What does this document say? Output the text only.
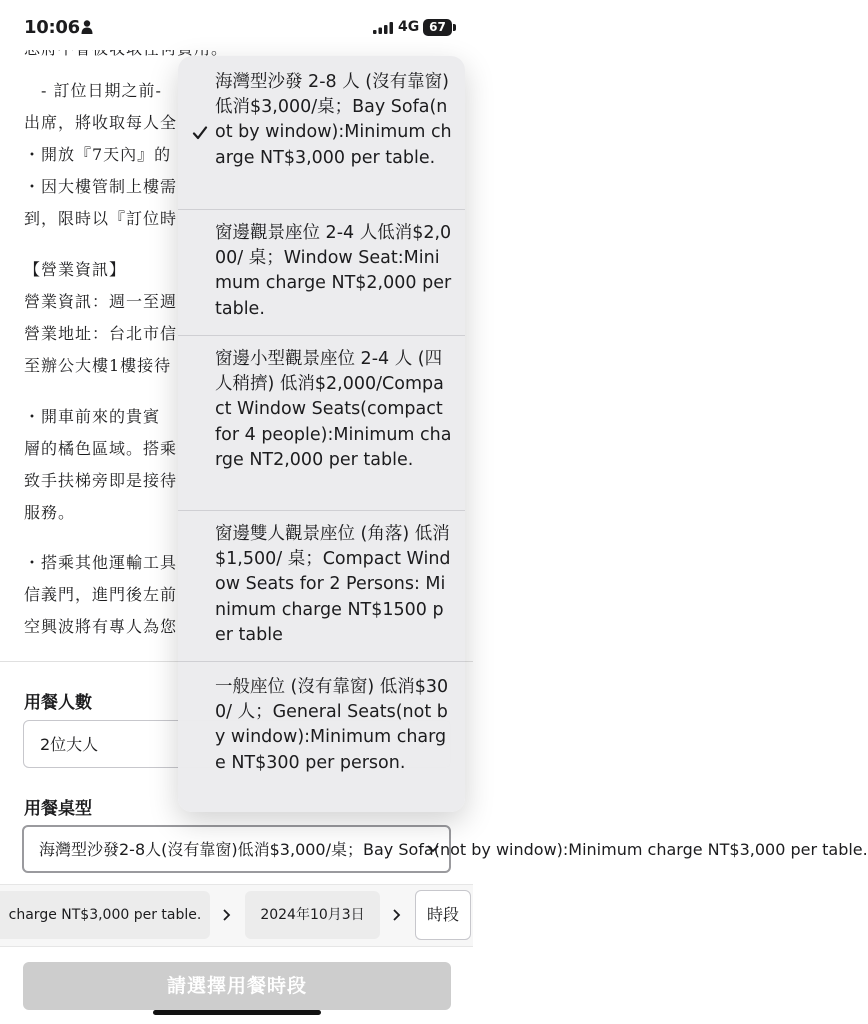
10:06	4G 67
　- 訂位日期之前-
出席，將收取每人全
・開放『7天內』的
・因大樓管制上樓需
到，限時以『訂位時
【營業資訊】
營業資訊：週一至週
營業地址：台北市信
至辦公大樓1樓接待
・開車前來的貴賓
層的橘色區域。搭乘
致手扶梯旁即是接待
服務。
・搭乘其他運輸工具
信義門，進門後左前
空興波將有專人為您
用餐人數
2位大人
用餐桌型
海灣型沙發2-8人(沒有靠窗)低消$3,000/桌；Bay Sofa(not by window):Minimum charge NT$3,000 per table.
charge NT$3,000 per table.	2024年10月3日	時段
請選擇用餐時段
海灣型沙發 2-8 人 (沒有靠窗) 低消$3,000/桌；Bay Sofa(not by window):Minimum charge NT$3,000 per table.
窗邊觀景座位 2-4 人低消$2,000/ 桌；Window Seat:Minimum charge NT$2,000 per table.
窗邊小型觀景座位 2-4 人 (四人稍擠) 低消$2,000/Compact Window Seats(compact for 4 people):Minimum charge NT2,000 per table.
窗邊雙人觀景座位 (角落) 低消$1,500/ 桌；Compact Window Seats for 2 Persons: Minimum charge NT$1500 per table
一般座位 (沒有靠窗) 低消$300/ 人；General Seats(not by window):Minimum charge NT$300 per person.
